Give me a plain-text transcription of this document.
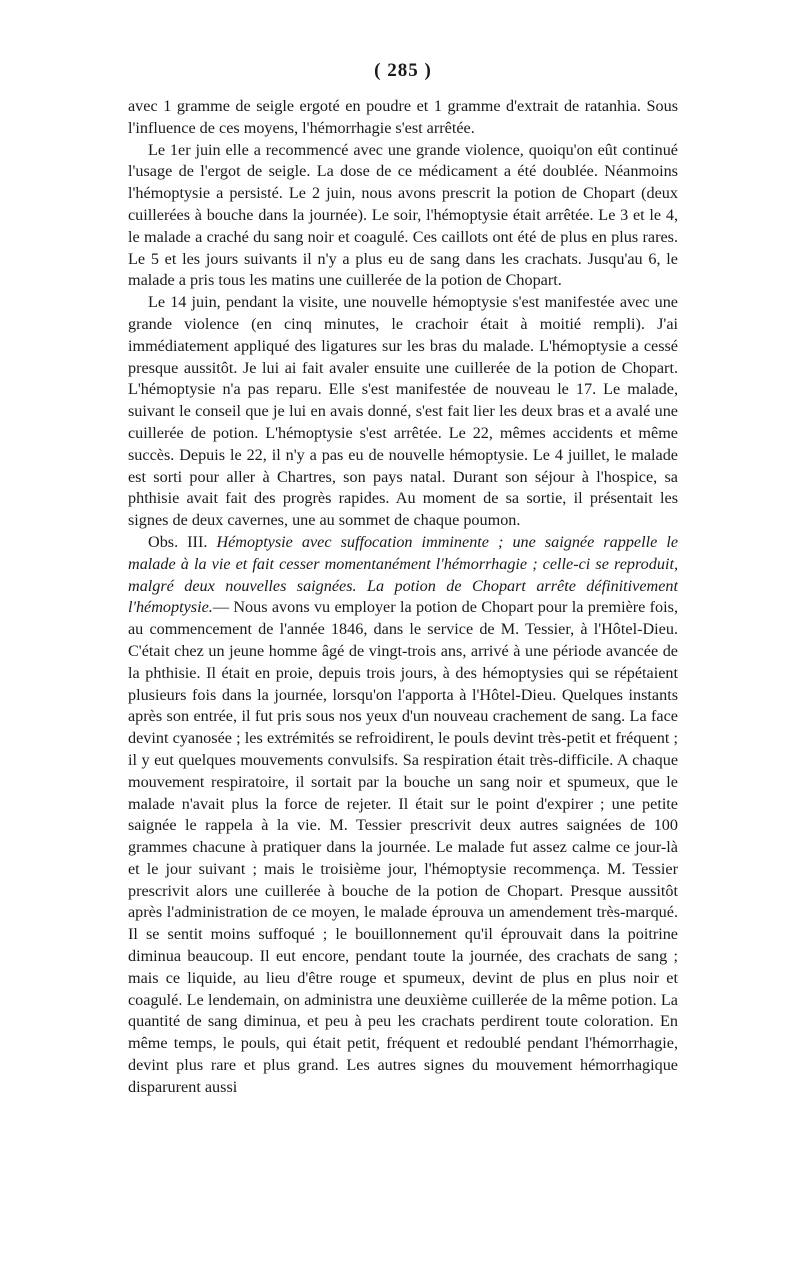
( 285 )

avec 1 gramme de seigle ergoté en poudre et 1 gramme d'extrait de ratanhia. Sous l'influence de ces moyens, l'hémorrhagie s'est arrêtée.

Le 1er juin elle a recommencé avec une grande violence, quoiqu'on eût continué l'usage de l'ergot de seigle. La dose de ce médicament a été doublée. Néanmoins l'hémoptysie a persisté. Le 2 juin, nous avons prescrit la potion de Chopart (deux cuillerées à bouche dans la journée). Le soir, l'hémoptysie était arrêtée. Le 3 et le 4, le malade a craché du sang noir et coagulé. Ces caillots ont été de plus en plus rares. Le 5 et les jours suivants il n'y a plus eu de sang dans les crachats. Jusqu'au 6, le malade a pris tous les matins une cuillerée de la potion de Chopart.

Le 14 juin, pendant la visite, une nouvelle hémoptysie s'est manifestée avec une grande violence (en cinq minutes, le crachoir était à moitié rempli). J'ai immédiatement appliqué des ligatures sur les bras du malade. L'hémoptysie a cessé presque aussitôt. Je lui ai fait avaler ensuite une cuillerée de la potion de Chopart. L'hémoptysie n'a pas reparu. Elle s'est manifestée de nouveau le 17. Le malade, suivant le conseil que je lui en avais donné, s'est fait lier les deux bras et a avalé une cuillerée de potion. L'hémoptysie s'est arrêtée. Le 22, mêmes accidents et même succès. Depuis le 22, il n'y a pas eu de nouvelle hémoptysie. Le 4 juillet, le malade est sorti pour aller à Chartres, son pays natal. Durant son séjour à l'hospice, sa phthisie avait fait des progrès rapides. Au moment de sa sortie, il présentait les signes de deux cavernes, une au sommet de chaque poumon.

Obs. III. Hémoptysie avec suffocation imminente ; une saignée rappelle le malade à la vie et fait cesser momentanément l'hémorrhagie ; celle-ci se reproduit, malgré deux nouvelles saignées. La potion de Chopart arrête définitivement l'hémoptysie.— Nous avons vu employer la potion de Chopart pour la première fois, au commencement de l'année 1846, dans le service de M. Tessier, à l'Hôtel-Dieu. C'était chez un jeune homme âgé de vingt-trois ans, arrivé à une période avancée de la phthisie. Il était en proie, depuis trois jours, à des hémoptysies qui se répétaient plusieurs fois dans la journée, lorsqu'on l'apporta à l'Hôtel-Dieu. Quelques instants après son entrée, il fut pris sous nos yeux d'un nouveau crachement de sang. La face devint cyanosée ; les extrémités se refroidirent, le pouls devint très-petit et fréquent ; il y eut quelques mouvements convulsifs. Sa respiration était très-difficile. A chaque mouvement respiratoire, il sortait par la bouche un sang noir et spumeux, que le malade n'avait plus la force de rejeter. Il était sur le point d'expirer ; une petite saignée le rappela à la vie. M. Tessier prescrivit deux autres saignées de 100 grammes chacune à pratiquer dans la journée. Le malade fut assez calme ce jour-là et le jour suivant ; mais le troisième jour, l'hémoptysie recommença. M. Tessier prescrivit alors une cuillerée à bouche de la potion de Chopart. Presque aussitôt après l'administration de ce moyen, le malade éprouva un amendement très-marqué. Il se sentit moins suffoqué ; le bouillonnement qu'il éprouvait dans la poitrine diminua beaucoup. Il eut encore, pendant toute la journée, des crachats de sang ; mais ce liquide, au lieu d'être rouge et spumeux, devint de plus en plus noir et coagulé. Le lendemain, on administra une deuxième cuillerée de la même potion. La quantité de sang diminua, et peu à peu les crachats perdirent toute coloration. En même temps, le pouls, qui était petit, fréquent et redoublé pendant l'hémorrhagie, devint plus rare et plus grand. Les autres signes du mouvement hémorrhagique disparurent aussi
